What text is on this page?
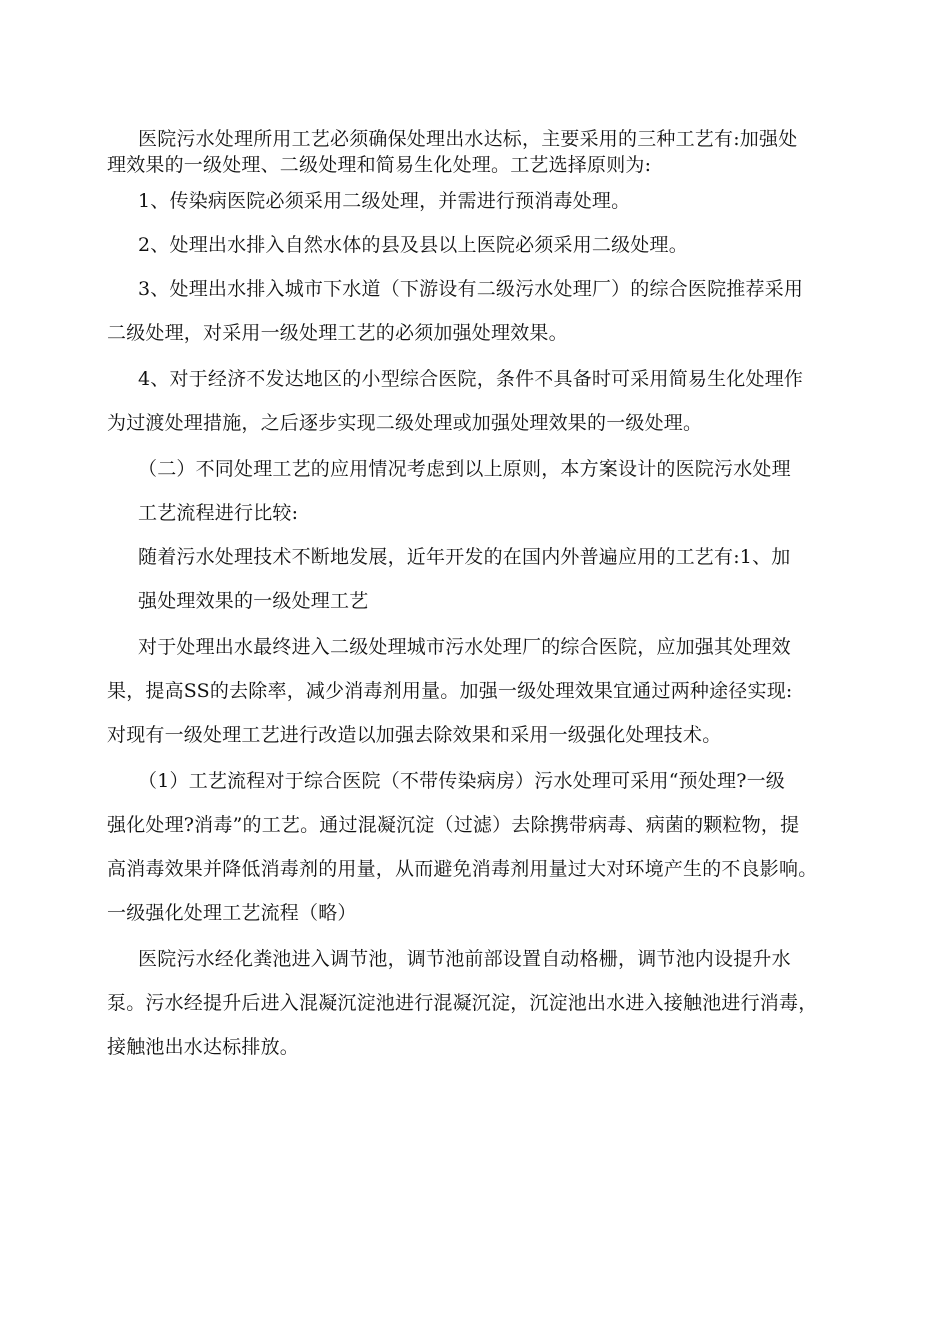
医院污水处理所用工艺必须确保处理出水达标，主要采用的三种工艺有:加强处
理效果的一级处理、二级处理和简易生化处理。工艺选择原则为:
1、传染病医院必须采用二级处理，并需进行预消毒处理。
2、处理出水排入自然水体的县及县以上医院必须采用二级处理。
3、处理出水排入城市下水道（下游设有二级污水处理厂）的综合医院推荐采用
二级处理，对采用一级处理工艺的必须加强处理效果。
4、对于经济不发达地区的小型综合医院，条件不具备时可采用简易生化处理作
为过渡处理措施，之后逐步实现二级处理或加强处理效果的一级处理。
（二）不同处理工艺的应用情况考虑到以上原则，本方案设计的医院污水处理
工艺流程进行比较:
随着污水处理技术不断地发展，近年开发的在国内外普遍应用的工艺有:1、加
强处理效果的一级处理工艺
对于处理出水最终进入二级处理城市污水处理厂的综合医院，应加强其处理效
果，提高SS的去除率，减少消毒剂用量。加强一级处理效果宜通过两种途径实现:
对现有一级处理工艺进行改造以加强去除效果和采用一级强化处理技术。
（1）工艺流程对于综合医院（不带传染病房）污水处理可采用“预处理?一级
强化处理?消毒”的工艺。通过混凝沉淀（过滤）去除携带病毒、病菌的颗粒物，提
高消毒效果并降低消毒剂的用量，从而避免消毒剂用量过大对环境产生的不良影响。
一级强化处理工艺流程（略）
医院污水经化粪池进入调节池，调节池前部设置自动格栅，调节池内设提升水
泵。污水经提升后进入混凝沉淀池进行混凝沉淀，沉淀池出水进入接触池进行消毒，
接触池出水达标排放。
